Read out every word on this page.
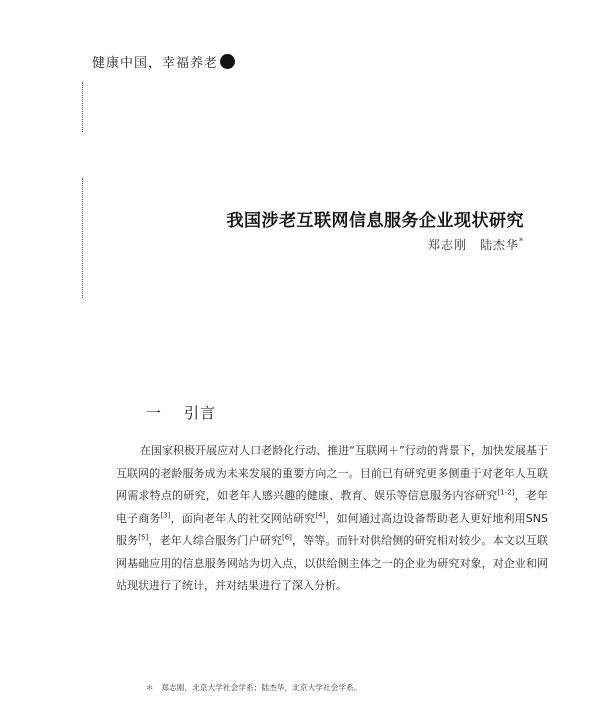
健康中国，幸福养老
我国涉老互联网信息服务企业现状研究
郑志刚　陆杰华*
一 引言

在国家积极开展应对人口老龄化行动、推进“互联网＋”行动的背景下，加快发展基于互联网的老龄服务成为未来发展的重要方向之一。目前已有研究更多侧重于对老年人互联网需求特点的研究，如老年人感兴趣的健康、教育、娱乐等信息服务内容研究[1-2]，老年电子商务[3]，面向老年人的社交网站研究[4]，如何通过高边设备帮助老人更好地利用SNS服务[5]，老年人综合服务门户研究[6]，等等。而针对供给侧的研究相对较少。本文以互联网基础应用的信息服务网站为切入点，以供给侧主体之一的企业为研究对象，对企业和网站现状进行了统计，并对结果进行了深入分析。

＊　郑志刚，北京大学社会学系；陆杰华，北京大学社会学系。
